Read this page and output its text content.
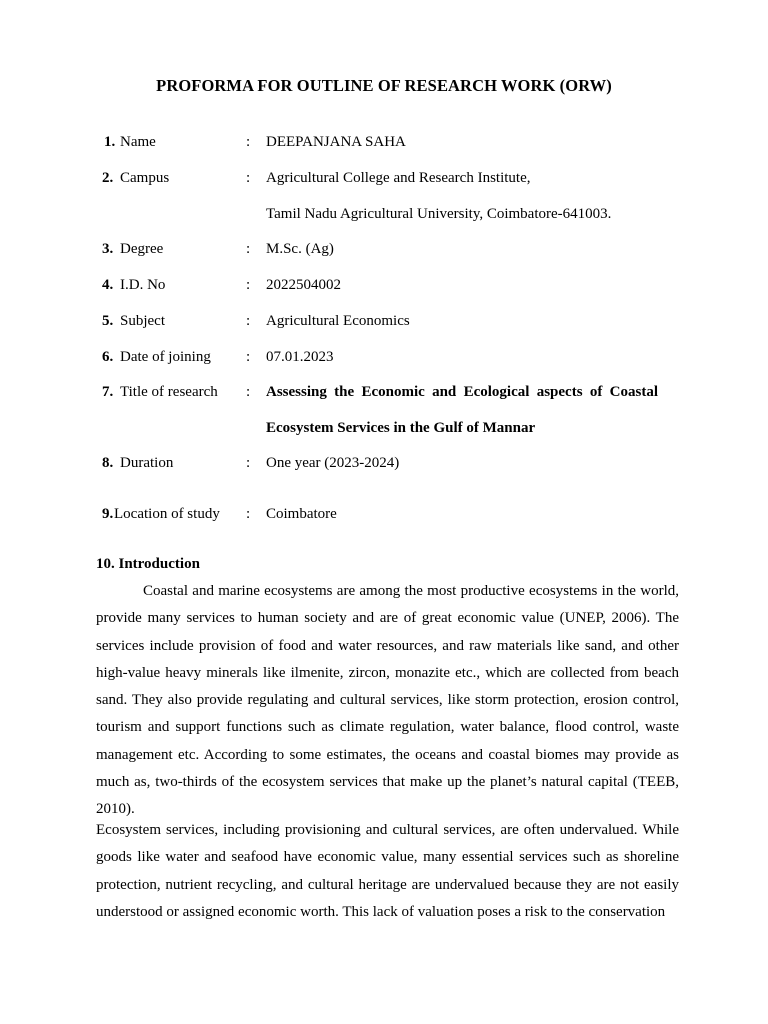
PROFORMA FOR OUTLINE OF RESEARCH WORK (ORW)
1. Name	: DEEPANJANA SAHA
2. Campus	: Agricultural College and Research Institute,
Tamil Nadu Agricultural University, Coimbatore-641003.
3. Degree	: M.Sc. (Ag)
4. I.D. No	: 2022504002
5. Subject	: Agricultural Economics
6. Date of joining : 07.01.2023
7. Title of research : Assessing the Economic and Ecological aspects of Coastal
Ecosystem Services in the Gulf of Mannar
8. Duration	: One year (2023-2024)
9. Location of study : Coimbatore
10. Introduction
Coastal and marine ecosystems are among the most productive ecosystems in the world, provide many services to human society and are of great economic value (UNEP, 2006). The services include provision of food and water resources, and raw materials like sand, and other high-value heavy minerals like ilmenite, zircon, monazite etc., which are collected from beach sand. They also provide regulating and cultural services, like storm protection, erosion control, tourism and support functions such as climate regulation, water balance, flood control, waste management etc. According to some estimates, the oceans and coastal biomes may provide as much as, two-thirds of the ecosystem services that make up the planet’s natural capital (TEEB, 2010).
Ecosystem services, including provisioning and cultural services, are often undervalued. While goods like water and seafood have economic value, many essential services such as shoreline protection, nutrient recycling, and cultural heritage are undervalued because they are not easily understood or assigned economic worth. This lack of valuation poses a risk to the conservation
